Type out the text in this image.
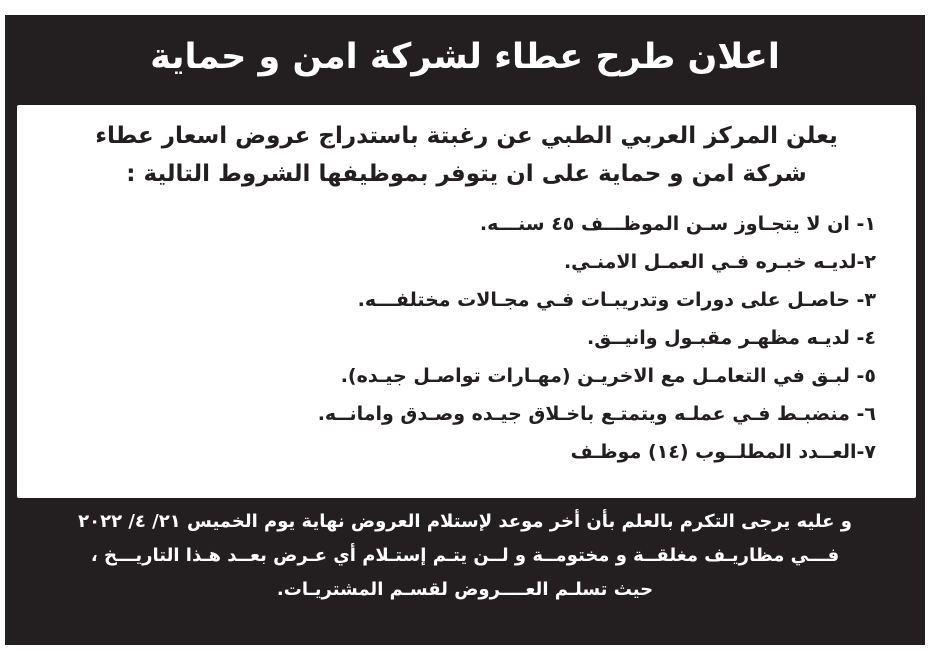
اعلان طرح عطاء لشركة امن و حماية
يعلن المركز العربي الطبي عن رغبتة باستدراج عروض اسعار عطاء
شركة امن و حماية على ان يتوفر بموظيفها الشروط التالية :
١- ان لا يتجـاوز سـن الموظـــف ٤٥ سنـــه.
٢-لديـه خبـره فـي العمـل الامنـي.
٣- حاصـل على دورات وتدريبـات فـي مجـالات مختلفـــه.
٤- لديـه مظهـر مقبـول وانيــق.
٥- لبـق في التعامـل مع الاخريـن (مهـارات تواصـل جيـده).
٦- منضبـط فـي عملـه ويتمتـع باخـلاق جيـده وصـدق وامانــه.
٧-العــدد المطلــوب (١٤) موظـف
و عليه يرجى التكرم بالعلم بأن أخر موعد لإستلام العروض نهاية يوم الخميس ٢١/ ٤/ ٢٠٢٢
فـــي مظاريـف مغلقــة و مختومــة و لــن يتـم إستـلام أي عـرض بعــد هـذا التاريـــخ ،
حيث تسلـم العــــروض لقسـم المشتريـات.
